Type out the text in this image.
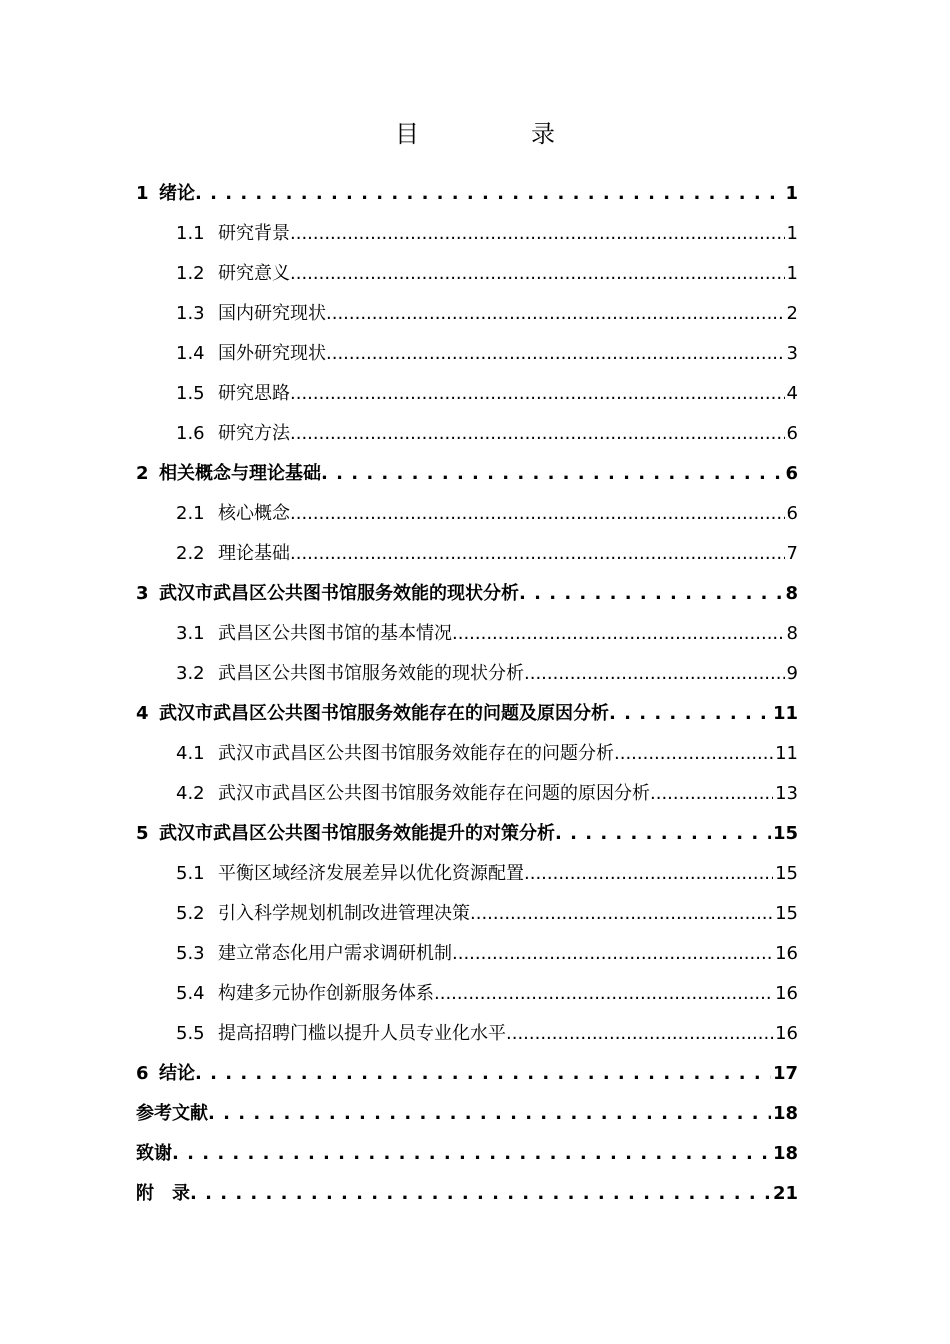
目　录
1 绪论 . . .	1
1.1 研究背景 .....	1
1.2 研究意义 .....	1
1.3 国内研究现状 .....	2
1.4 国外研究现状 .....	3
1.5 研究思路 .....	4
1.6 研究方法 .....	6
2 相关概念与理论基础 . . .	6
2.1 核心概念 .....	6
2.2 理论基础 .....	7
3 武汉市武昌区公共图书馆服务效能的现状分析 . . .	8
3.1 武昌区公共图书馆的基本情况 .....	8
3.2 武昌区公共图书馆服务效能的现状分析 .....	9
4 武汉市武昌区公共图书馆服务效能存在的问题及原因分析 . . .	11
4.1 武汉市武昌区公共图书馆服务效能存在的问题分析 .....	11
4.2 武汉市武昌区公共图书馆服务效能存在问题的原因分析 .....	13
5 武汉市武昌区公共图书馆服务效能提升的对策分析 . . .	15
5.1 平衡区域经济发展差异以优化资源配置 .....	15
5.2 引入科学规划机制改进管理决策 .....	15
5.3 建立常态化用户需求调研机制 .....	16
5.4 构建多元协作创新服务体系 .....	16
5.5 提高招聘门槛以提升人员专业化水平 .....	16
6 结论 . . .	17
参考文献 . . .	18
致谢 . . .	18
附　录 . . .	21
